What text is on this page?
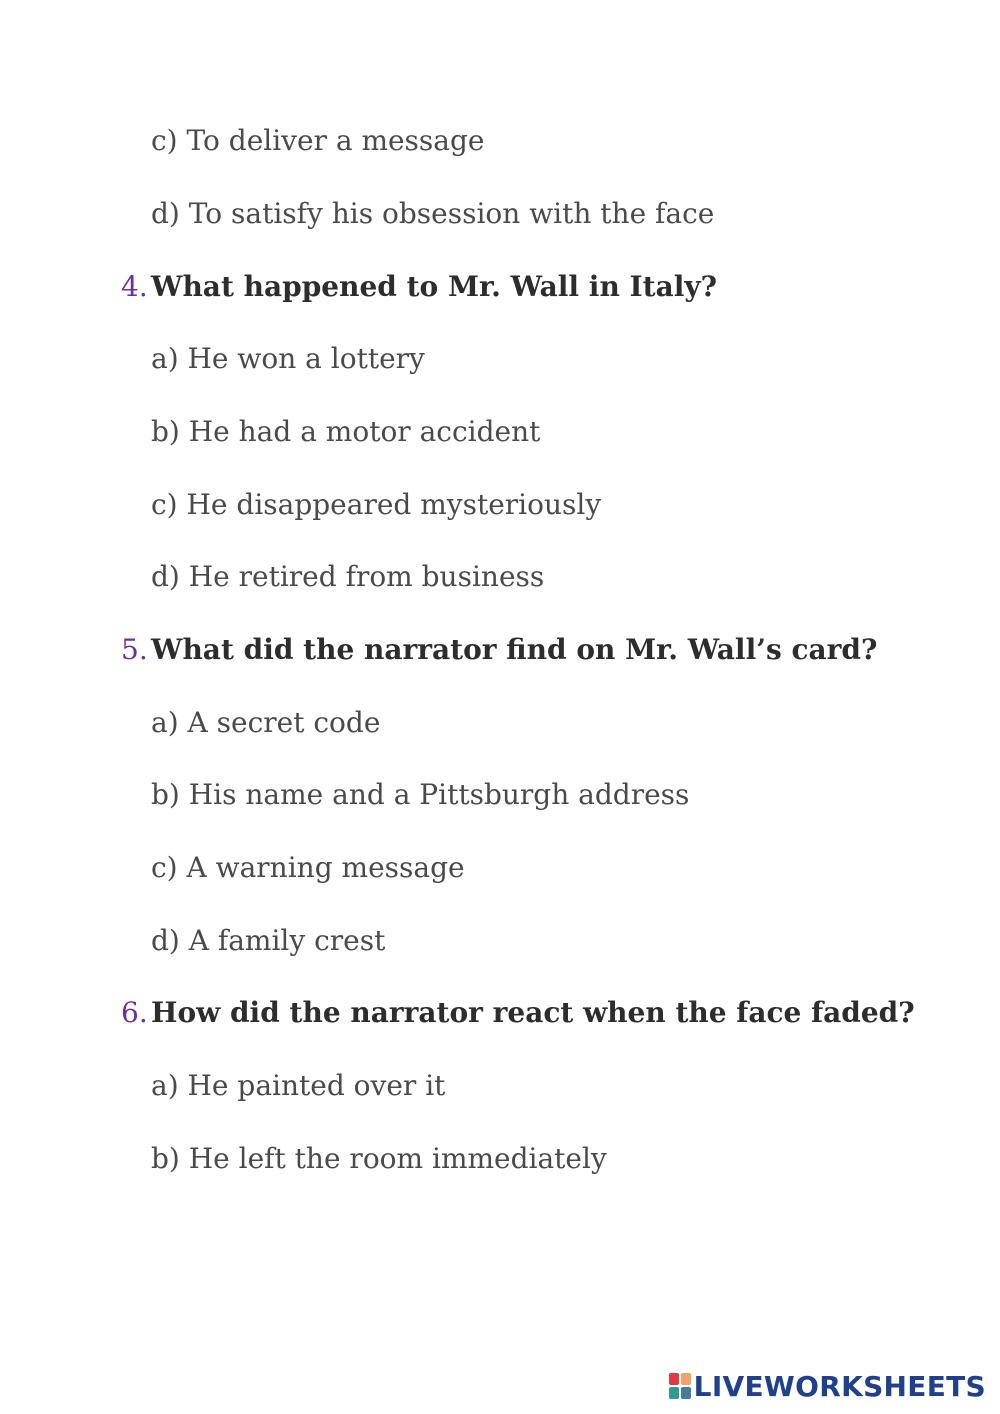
c) To deliver a message
d) To satisfy his obsession with the face
4. What happened to Mr. Wall in Italy?
a) He won a lottery
b) He had a motor accident
c) He disappeared mysteriously
d) He retired from business
5. What did the narrator find on Mr. Wall’s card?
a) A secret code
b) His name and a Pittsburgh address
c) A warning message
d) A family crest
6. How did the narrator react when the face faded?
a) He painted over it
b) He left the room immediately
LIVEWORKSHEETS
